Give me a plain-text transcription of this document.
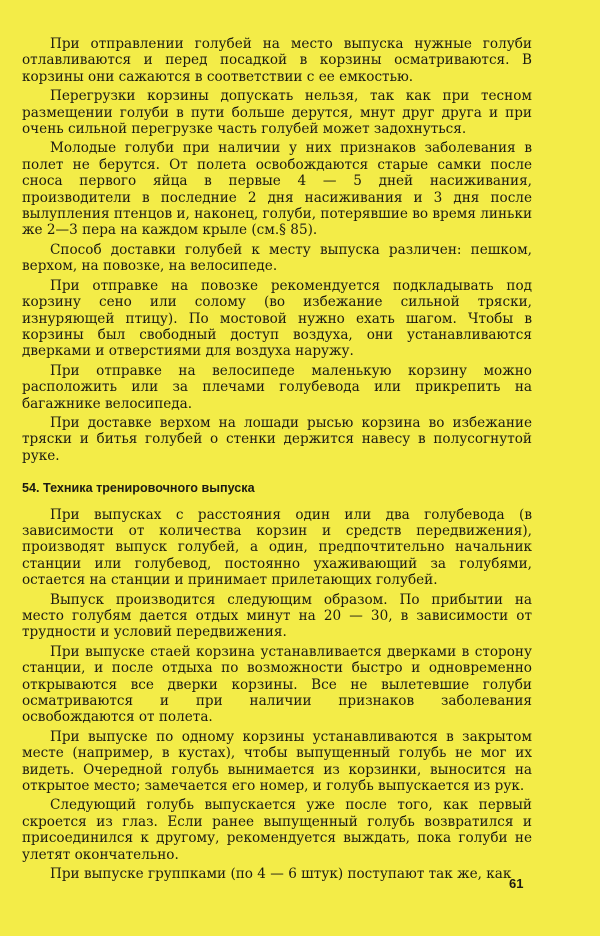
При отправлении голубей на место выпуска нужные голуби отлавливаются и перед посадкой в корзины осматриваются. В корзины они сажаются в соответствии с ее емкостью.

Перегрузки корзины допускать нельзя, так как при тесном размещении голуби в пути больше дерутся, мнут друг друга и при очень сильной перегрузке часть голубей может задохнуться.

Молодые голуби при наличии у них признаков заболевания в полет не берутся. От полета освобождаются старые самки после сноса первого яйца в первые 4 — 5 дней насиживания, производители в последние 2 дня насиживания и 3 дня после вылупления птенцов и, наконец, голуби, потерявшие во время линьки же 2—3 пера на каждом крыле (см.§ 85).

Способ доставки голубей к месту выпуска различен: пешком, верхом, на повозке, на велосипеде.

При отправке на повозке рекомендуется подкладывать под корзину сено или солому (во избежание сильной тряски, изнуряющей птицу). По мостовой нужно ехать шагом. Чтобы в корзины был свободный доступ воздуха, они устанавливаются дверками и отверстиями для воздуха наружу.

При отправке на велосипеде маленькую корзину можно расположить или за плечами голубевода или прикрепить на багажнике велосипеда.

При доставке верхом на лошади рысью корзина во избежание тряски и битья голубей о стенки держится навесу в полусогнутой руке.

54. Техника тренировочного выпуска

При выпусках с расстояния один или два голубевода (в зависимости от количества корзин и средств передвижения), производят выпуск голубей, а один, предпочтительно начальник станции или голубевод, постоянно ухаживающий за голубями, остается на станции и принимает прилетающих голубей.

Выпуск производится следующим образом. По прибытии на место голубям дается отдых минут на 20 — 30, в зависимости от трудности и условий передвижения.

При выпуске стаей корзина устанавливается дверками в сторону станции, и после отдыха по возможности быстро и одновременно открываются все дверки корзины. Все не вылетевшие голуби осматриваются и при наличии признаков заболевания освобождаются от полета.

При выпуске по одному корзины устанавливаются в закрытом месте (например, в кустах), чтобы выпущенный голубь не мог их видеть. Очередной голубь вынимается из корзинки, выносится на открытое место; замечается его номер, и голубь выпускается из рук.

Следующий голубь выпускается уже после того, как первый скроется из глаз. Если ранее выпущенный голубь возвратился и присоединился к другому, рекомендуется выждать, пока голуби не улетят окончательно.

При выпуске группками (по 4 — 6 штук) поступают так же, как

61
